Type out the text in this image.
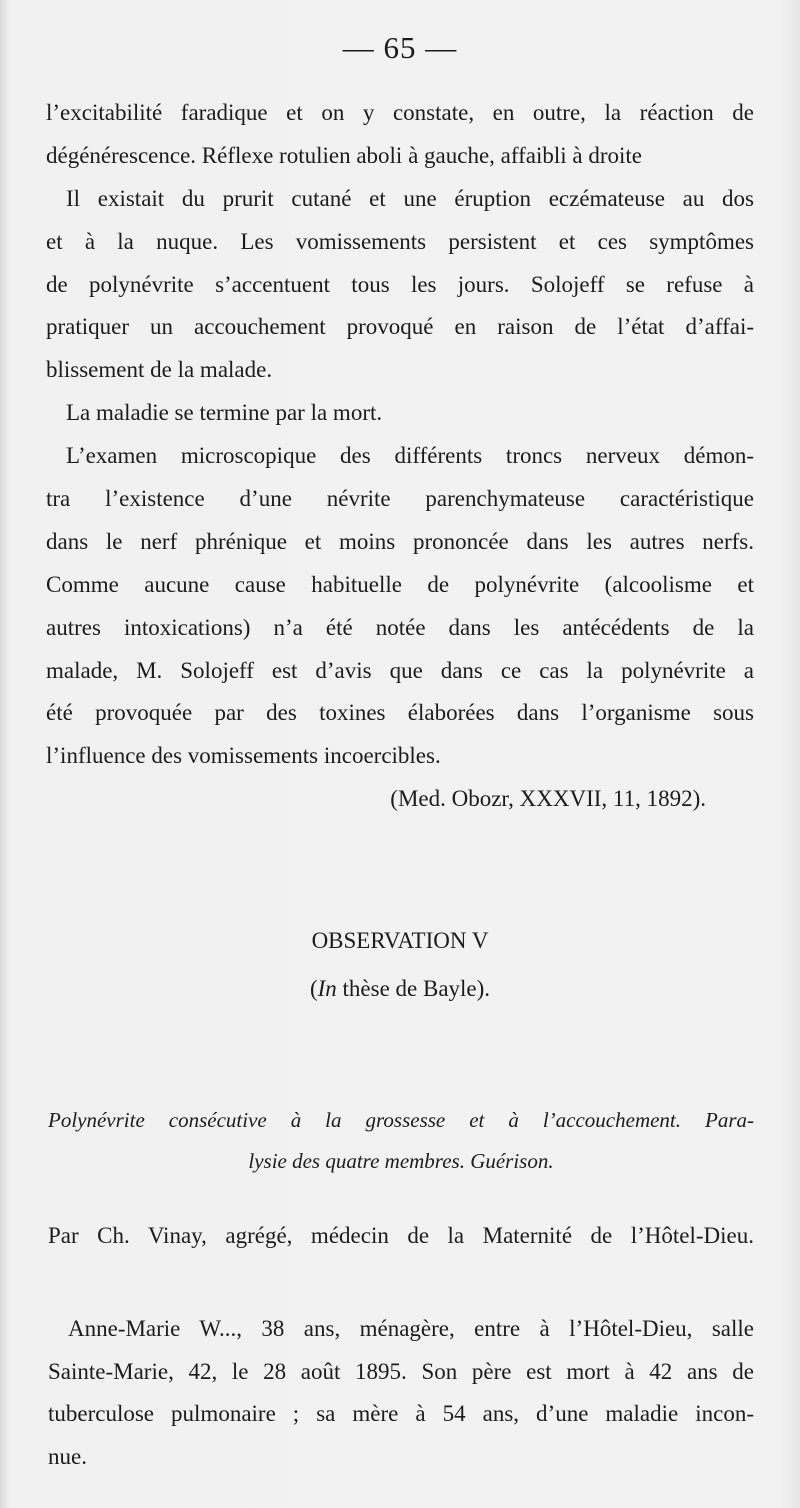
— 65 —
l’excitabilité faradique et on y constate, en outre, la réaction de
dégénérescence. Réflexe rotulien aboli à gauche, affaibli à droite
Il existait du prurit cutané et une éruption eczémateuse au dos
et à la nuque. Les vomissements persistent et ces symptômes
de polynévrite s’accentuent tous les jours. Solojeff se refuse à
pratiquer un accouchement provoqué en raison de l’état d’affai-
blissement de la malade.
La maladie se termine par la mort.
L’examen microscopique des différents troncs nerveux démon-
tra l’existence d’une névrite parenchymateuse caractéristique
dans le nerf phrénique et moins prononcée dans les autres nerfs.
Comme aucune cause habituelle de polynévrite (alcoolisme et
autres intoxications) n’a été notée dans les antécédents de la
malade, M. Solojeff est d’avis que dans ce cas la polynévrite a
été provoquée par des toxines élaborées dans l’organisme sous
l’influence des vomissements incoercibles.
(Med. Obozr, XXXVII, 11, 1892).
OBSERVATION V
(In thèse de Bayle).
Polynévrite consécutive à la grossesse et à l’accouchement. Para-
lysie des quatre membres. Guérison.
Par Ch. Vinay, agrégé, médecin de la Maternité de l’Hôtel-Dieu.
Anne-Marie W..., 38 ans, ménagère, entre à l’Hôtel-Dieu, salle
Sainte-Marie, 42, le 28 août 1895. Son père est mort à 42 ans de
tuberculose pulmonaire ; sa mère à 54 ans, d’une maladie incon-
nue.
